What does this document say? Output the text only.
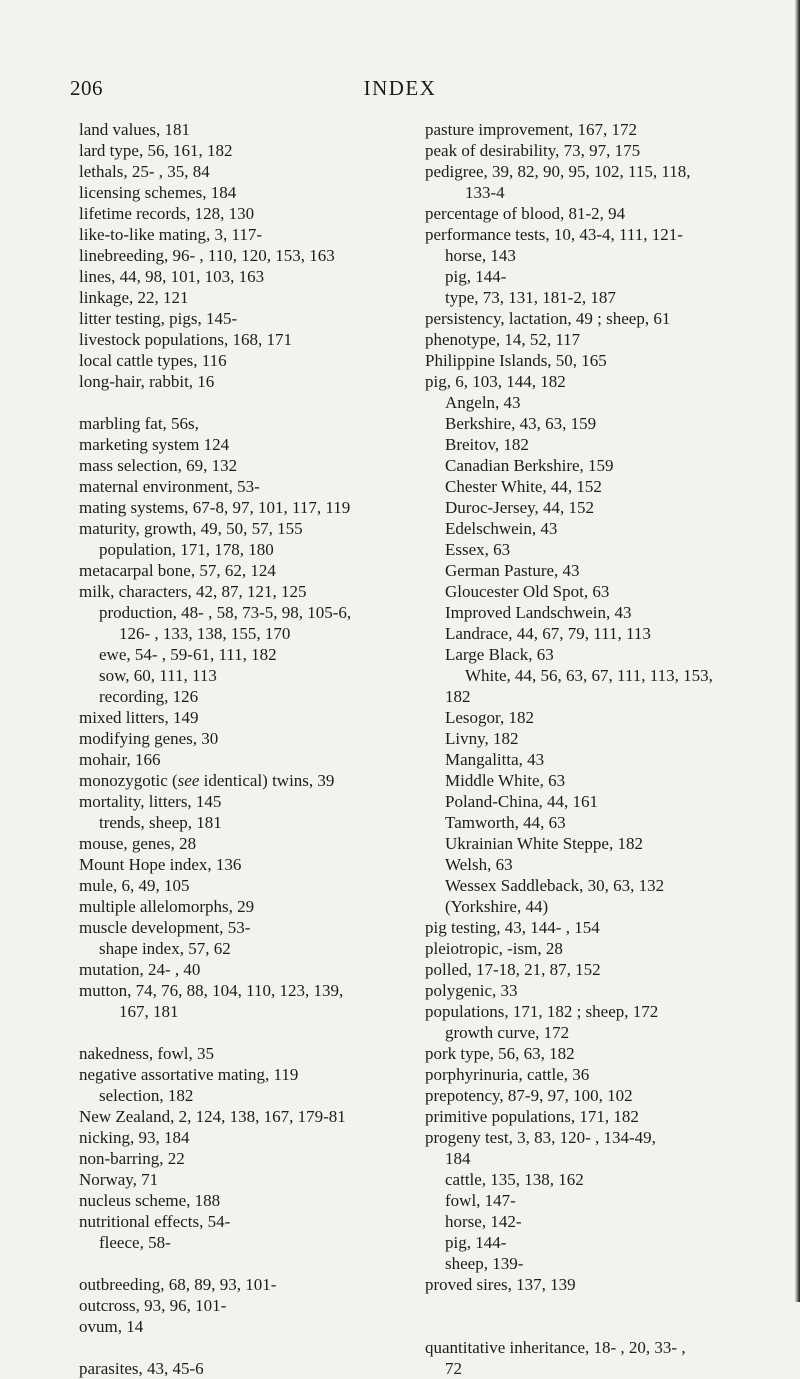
206	INDEX
land values, 181
lard type, 56, 161, 182
lethals, 25- , 35, 84
licensing schemes, 184
lifetime records, 128, 130
like-to-like mating, 3, 117-
linebreeding, 96- , 110, 120, 153, 163
lines, 44, 98, 101, 103, 163
linkage, 22, 121
litter testing, pigs, 145-
livestock populations, 168, 171
local cattle types, 116
long-hair, rabbit, 16
marbling fat, 56s,
marketing system 124
mass selection, 69, 132
maternal environment, 53-
mating systems, 67-8, 97, 101, 117, 119
maturity, growth, 49, 50, 57, 155
population, 171, 178, 180
metacarpal bone, 57, 62, 124
milk, characters, 42, 87, 121, 125
production, 48- , 58, 73-5, 98, 105-6,
126- , 133, 138, 155, 170
ewe, 54- , 59-61, 111, 182
sow, 60, 111, 113
recording, 126
mixed litters, 149
modifying genes, 30
mohair, 166
monozygotic (see identical) twins, 39
mortality, litters, 145
trends, sheep, 181
mouse, genes, 28
Mount Hope index, 136
mule, 6, 49, 105
multiple allelomorphs, 29
muscle development, 53-
shape index, 57, 62
mutation, 24- , 40
mutton, 74, 76, 88, 104, 110, 123, 139,
167, 181
nakedness, fowl, 35
negative assortative mating, 119
selection, 182
New Zealand, 2, 124, 138, 167, 179-81
nicking, 93, 184
non-barring, 22
Norway, 71
nucleus scheme, 188
nutritional effects, 54-
fleece, 58-
outbreeding, 68, 89, 93, 101-
outcross, 93, 96, 101-
ovum, 14
parasites, 43, 45-6
pasture improvement, 167, 172
peak of desirability, 73, 97, 175
pedigree, 39, 82, 90, 95, 102, 115, 118,
133-4
percentage of blood, 81-2, 94
performance tests, 10, 43-4, 111, 121-
horse, 143
pig, 144-
type, 73, 131, 181-2, 187
persistency, lactation, 49 ; sheep, 61
phenotype, 14, 52, 117
Philippine Islands, 50, 165
pig, 6, 103, 144, 182
Angeln, 43
Berkshire, 43, 63, 159
Breitov, 182
Canadian Berkshire, 159
Chester White, 44, 152
Duroc-Jersey, 44, 152
Edelschwein, 43
Essex, 63
German Pasture, 43
Gloucester Old Spot, 63
Improved Landschwein, 43
Landrace, 44, 67, 79, 111, 113
Large Black, 63
White, 44, 56, 63, 67, 111, 113, 153,
182
Lesogor, 182
Livny, 182
Mangalitta, 43
Middle White, 63
Poland-China, 44, 161
Tamworth, 44, 63
Ukrainian White Steppe, 182
Welsh, 63
Wessex Saddleback, 30, 63, 132
(Yorkshire, 44)
pig testing, 43, 144- , 154
pleiotropic, -ism, 28
polled, 17-18, 21, 87, 152
polygenic, 33
populations, 171, 182 ; sheep, 172
growth curve, 172
pork type, 56, 63, 182
porphyrinuria, cattle, 36
prepotency, 87-9, 97, 100, 102
primitive populations, 171, 182
progeny test, 3, 83, 120- , 134-49,
184
cattle, 135, 138, 162
fowl, 147-
horse, 142-
pig, 144-
sheep, 139-
proved sires, 137, 139
quantitative inheritance, 18- , 20, 33- ,
72
